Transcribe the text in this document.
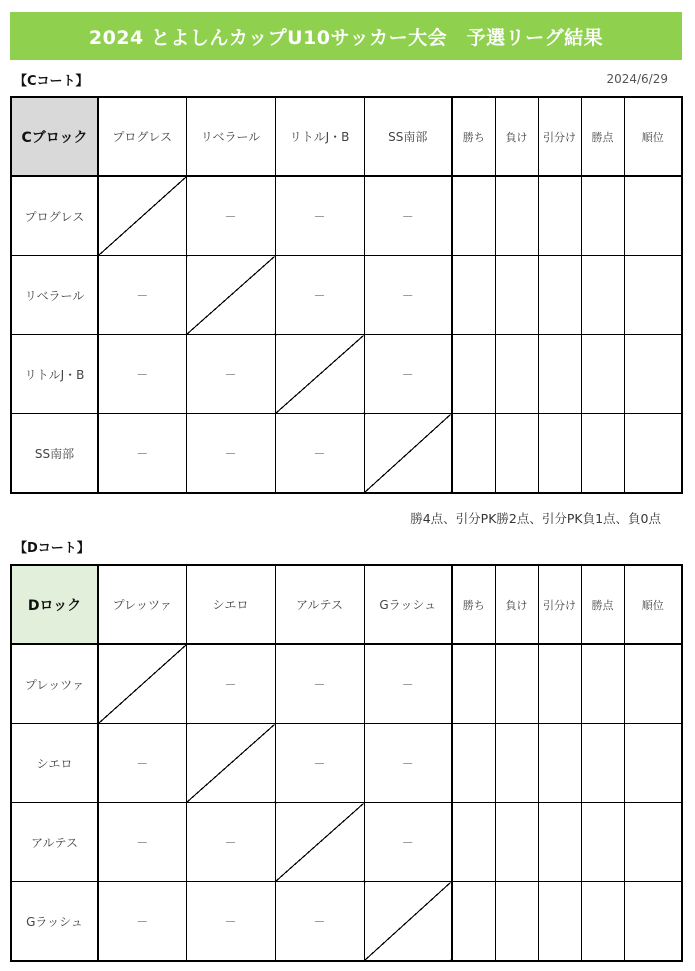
2024 とよしんカップU10サッカー大会　予選リーグ結果
2024/6/29
【Cコート】
Cブロック	プログレス	リベラール	リトルJ・B	SS南部	勝ち	負け	引分け	勝点	順位
プログレス		－	－	－					
リベラール	－		－	－					
リトルJ・B	－	－		－					
SS南部	－	－	－						
勝4点、引分PK勝2点、引分PK負1点、負0点
【Dコート】
Dロック	プレッツァ	シエロ	アルテス	Gラッシュ	勝ち	負け	引分け	勝点	順位
プレッツァ		－	－	－					
シエロ	－		－	－					
アルテス	－	－		－					
Gラッシュ	－	－	－						
